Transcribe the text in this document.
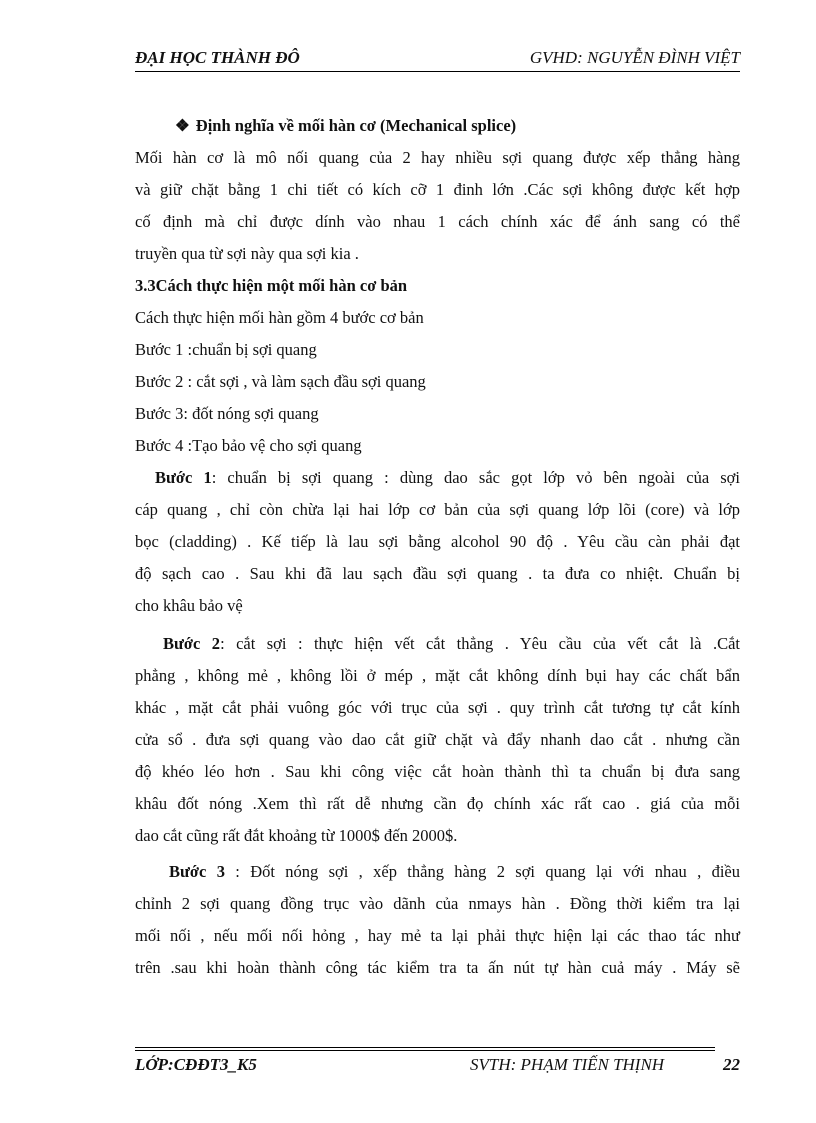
ĐẠI HỌC THÀNH ĐÔ	GVHD: NGUYỄN ĐÌNH VIỆT
❖ Định nghĩa về mối hàn cơ (Mechanical splice)
Mối hàn cơ là mô nối quang của 2 hay nhiều sợi quang được xếp thẳng hàng
và giữ chặt bằng 1 chi tiết có kích cỡ 1 đinh lớn .Các sợi không được kết hợp
cố định mà chỉ được dính vào nhau 1 cách chính xác để ánh sang có thể
truyền qua từ sợi này qua sợi kia .
3.3Cách thực hiện một mối hàn cơ bản
Cách thực hiện mối hàn gồm 4 bước cơ bản
Bước 1 :chuẩn bị sợi quang
Bước 2 : cắt sợi , và làm sạch đầu sợi quang
Bước 3: đốt nóng sợi quang
Bước 4 :Tạo bảo vệ cho sợi quang
Bước 1: chuẩn bị sợi quang : dùng dao sắc gọt lớp vỏ bên ngoài của sợi
cáp quang , chỉ còn chừa lại hai lớp cơ bản của sợi quang lớp lõi (core) và lớp
bọc (cladding) . Kế tiếp là lau sợi bằng alcohol 90 độ . Yêu cầu càn phải đạt
độ sạch cao . Sau khi đã lau sạch đầu sợi quang . ta đưa co nhiệt. Chuẩn bị
cho khâu bảo vệ
Bước 2: cắt sợi : thực hiện vết cắt thẳng . Yêu cầu của vết cắt là .Cắt
phẳng , không mẻ , không lồi ở mép , mặt cắt không dính bụi hay các chất bẩn
khác , mặt cắt phải vuông góc với trục của sợi . quy trình cắt tương tự cắt kính
cửa sổ . đưa sợi quang vào dao cắt giữ chặt và đẩy nhanh dao cắt . nhưng cần
độ khéo léo hơn . Sau khi công việc cắt hoàn thành thì ta chuẩn bị đưa sang
khâu đốt nóng .Xem thì rất dễ nhưng cần đọ chính xác rất cao . giá của mỗi
dao cắt cũng rất đắt khoảng từ 1000$ đến 2000$.
Bước 3 : Đốt nóng sợi , xếp thẳng hàng 2 sợi quang lại với nhau , điều
chỉnh 2 sợi quang đồng trục vào dãnh của nmays hàn . Đồng thời kiểm tra lại
mối nối , nếu mối nối hỏng , hay mẻ ta lại phải thực hiện lại các thao tác như
trên .sau khi hoàn thành công tác kiểm tra ta ấn nút tự hàn cuả máy . Máy sẽ
LỚP:CĐĐT3_K5	SVTH: PHẠM TIẾN THỊNH	22
